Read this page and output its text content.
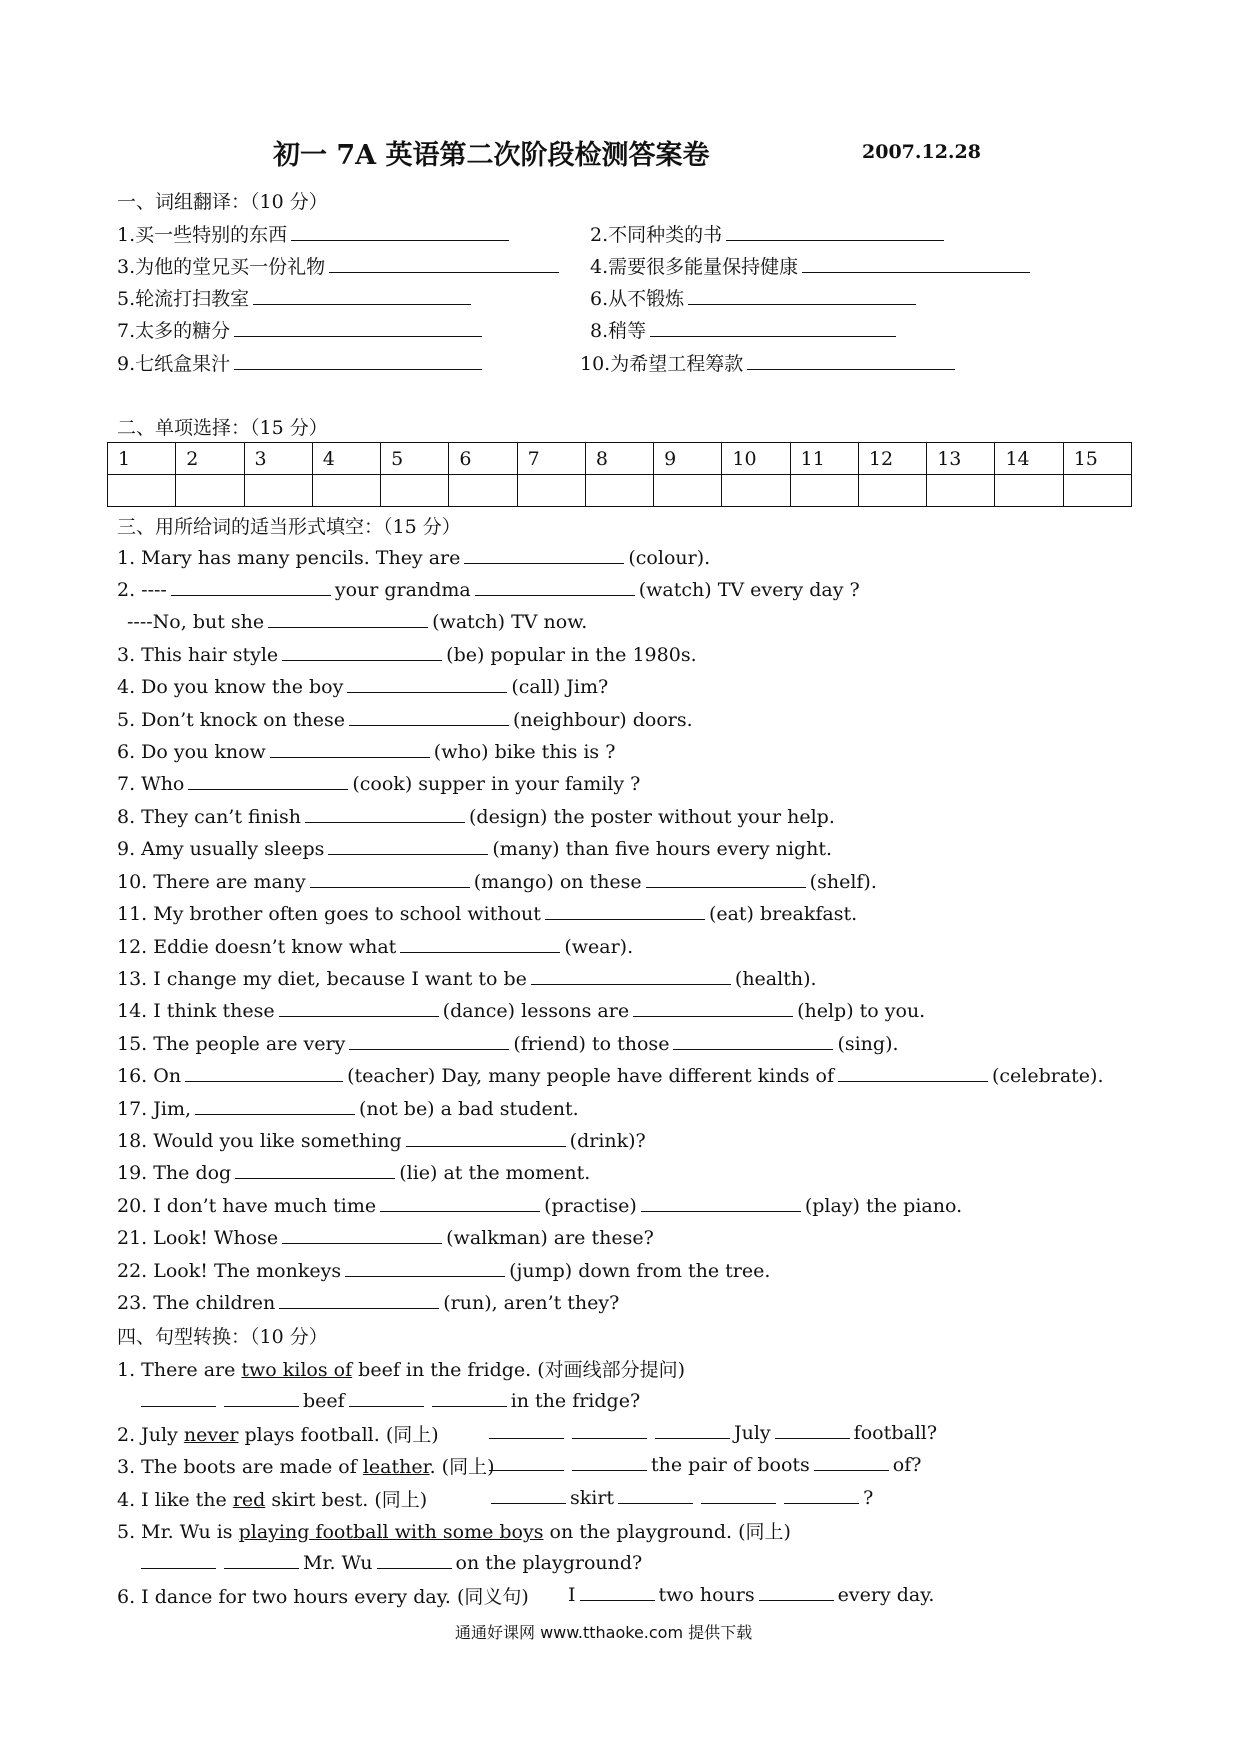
初一 7A 英语第二次阶段检测答案卷	2007.12.28
一、词组翻译：（10 分）
1.买一些特别的东西	2.不同种类的书
3.为他的堂兄买一份礼物	4.需要很多能量保持健康
5.轮流打扫教室	6.从不锻炼
7.太多的糖分	8.稍等
9.七纸盒果汁	10.为希望工程筹款
二、单项选择：（15 分）
1	2	3	4	5	6	7	8	9	10	11	12	13	14	15

三、用所给词的适当形式填空：（15 分）
1. Mary has many pencils. They are	(colour).
2. ----	your grandma	(watch) TV every day ?
----No, but she	(watch) TV now.
3. This hair style	(be) popular in the 1980s.
4. Do you know the boy	(call) Jim?
5. Don’t knock on these	(neighbour) doors.
6. Do you know	(who) bike this is ?
7. Who	(cook) supper in your family ?
8. They can’t finish	(design) the poster without your help.
9. Amy usually sleeps	(many) than five hours every night.
10. There are many	(mango) on these	(shelf).
11. My brother often goes to school without	(eat) breakfast.
12. Eddie doesn’t know what	(wear).
13. I change my diet, because I want to be	(health).
14. I think these	(dance) lessons are	(help) to you.
15. The people are very	(friend) to those	(sing).
16. On	(teacher) Day, many people have different kinds of	(celebrate).
17. Jim,	(not be) a bad student.
18. Would you like something	(drink)?
19. The dog	(lie) at the moment.
20. I don’t have much time	(practise)	(play) the piano.
21. Look! Whose	(walkman) are these?
22. Look! The monkeys	(jump) down from the tree.
23. The children	(run), aren’t they?
四、句型转换：（10 分）
1. There are two kilos of beef in the fridge. (对画线部分提问)
beef	in the fridge?
2. July never plays football. (同上)	July	football?
3. The boots are made of leather. (同上)	the pair of boots	of?
4. I like the red skirt best. (同上)	skirt	?
5. Mr. Wu is playing football with some boys on the playground. (同上)
Mr. Wu	on the playground?
6. I dance for two hours every day. (同义句) I	two hours	every day.
通通好课网 www.tthaoke.com 提供下载
